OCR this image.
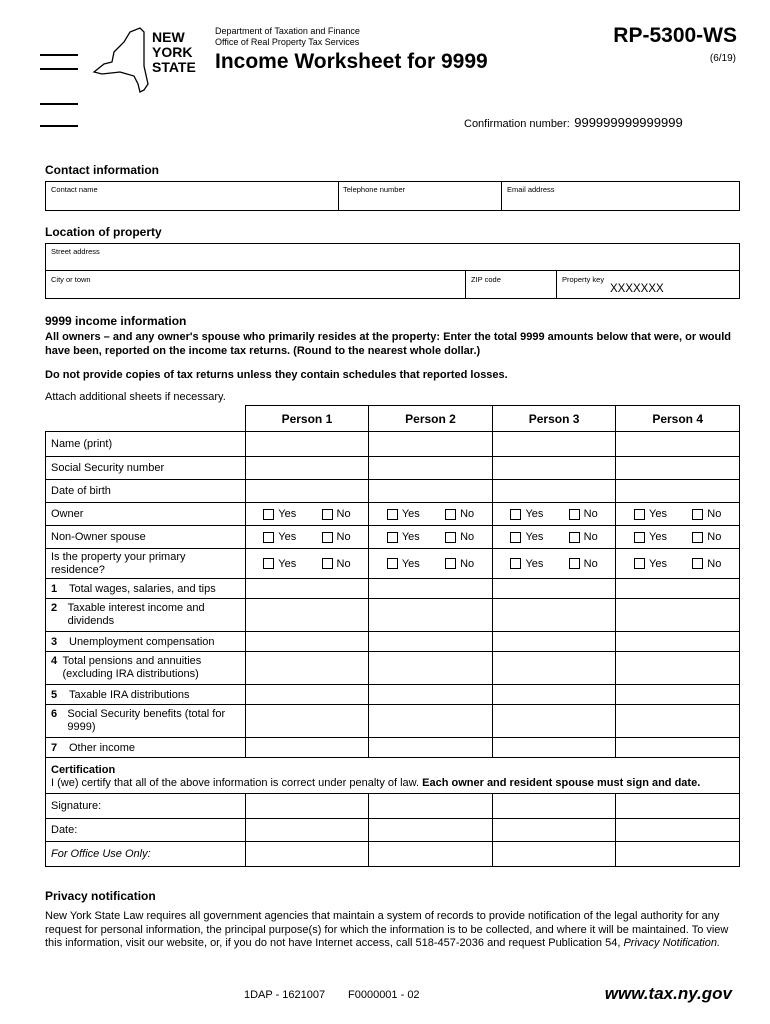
NEW
YORK
STATE
Department of Taxation and Finance
Office of Real Property Tax Services
Income Worksheet for 9999
RP-5300-WS
(6/19)
Confirmation number: 999999999999999
Contact information
Contact name	Telephone number	Email address
Location of property
Street address
City or town	ZIP code	Property key
XXXXXXX
9999 income information
All owners – and any owner's spouse who primarily resides at the property: Enter the total 9999 amounts below that were, or would have been, reported on the income tax returns. (Round to the nearest whole dollar.)
Do not provide copies of tax returns unless they contain schedules that reported losses.
Attach additional sheets if necessary.
	Person 1	Person 2	Person 3	Person 4
Name (print)				
Social Security number				
Date of birth				
Owner	Yes No	Yes No	Yes No	Yes No

Non-Owner spouse	Yes No	Yes No	Yes No	Yes No

Is the property your primary residence?	Yes No	Yes No	Yes No	Yes No

1 Total wages, salaries, and tips				

2 Taxable interest income and dividends				

3 Unemployment compensation				

4 Total pensions and annuities (excluding IRA distributions)				

5 Taxable IRA distributions				

6 Social Security benefits (total for 9999)				

7 Other income				

Certification
I (we) certify that all of the above information is correct under penalty of law. Each owner and resident spouse must sign and date.				

Signature:				
Date:				
For Office Use Only:				
Privacy notification
New York State Law requires all government agencies that maintain a system of records to provide notification of the legal authority for any request for personal information, the principal purpose(s) for which the information is to be collected, and where it will be maintained. To view this information, visit our website, or, if you do not have Internet access, call 518-457-2036 and request Publication 54, Privacy Notification.
1DAP - 1621007 F0000001 - 02	www.tax.ny.gov
